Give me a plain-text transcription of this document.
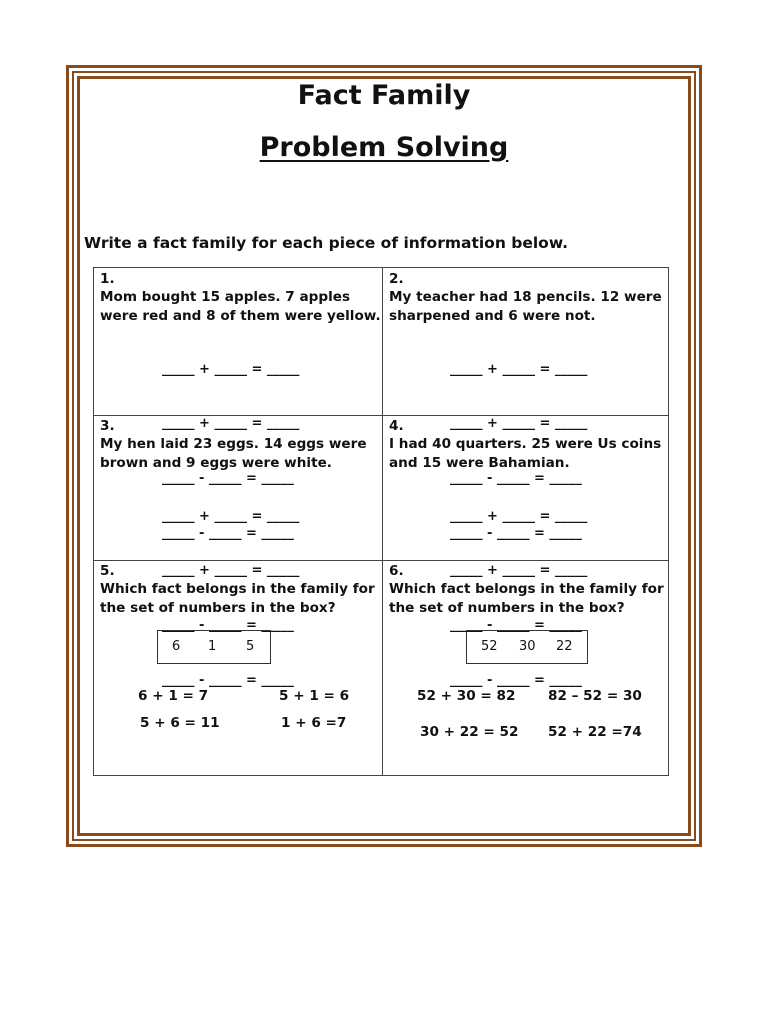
Fact Family
Problem Solving
Write a fact family for each piece of information below.
1.
Mom bought 15 apples. 7 apples
were red and 8 of them were yellow.

_____ + _____ = _____

_____ + _____ = _____

_____ - _____ = _____

_____ - _____ = _____

2.
My teacher had 18 pencils. 12 were
sharpened and 6 were not.

_____ + _____ = _____

_____ + _____ = _____

_____ - _____ = _____

_____ - _____ = _____

3.
My hen laid 23 eggs. 14 eggs were
brown and 9 eggs were white.

_____ + _____ = _____

_____ + _____ = _____

_____ - _____ = _____

_____ - _____ = _____

4.
I had 40 quarters. 25 were Us coins
and 15 were Bahamian.

_____ + _____ = _____

_____ + _____ = _____

_____ - _____ = _____

_____ - _____ = _____

5.
Which fact belongs in the family for
the set of numbers in the box?
6 1 5
6 + 1 = 7	5 + 1 = 6
5 + 6 = 11	1 + 6 =7
6.
Which fact belongs in the family for
the set of numbers in the box?
52 30 22
52 + 30 = 82 82 – 52 = 30
30 + 22 = 52 52 + 22 =74
